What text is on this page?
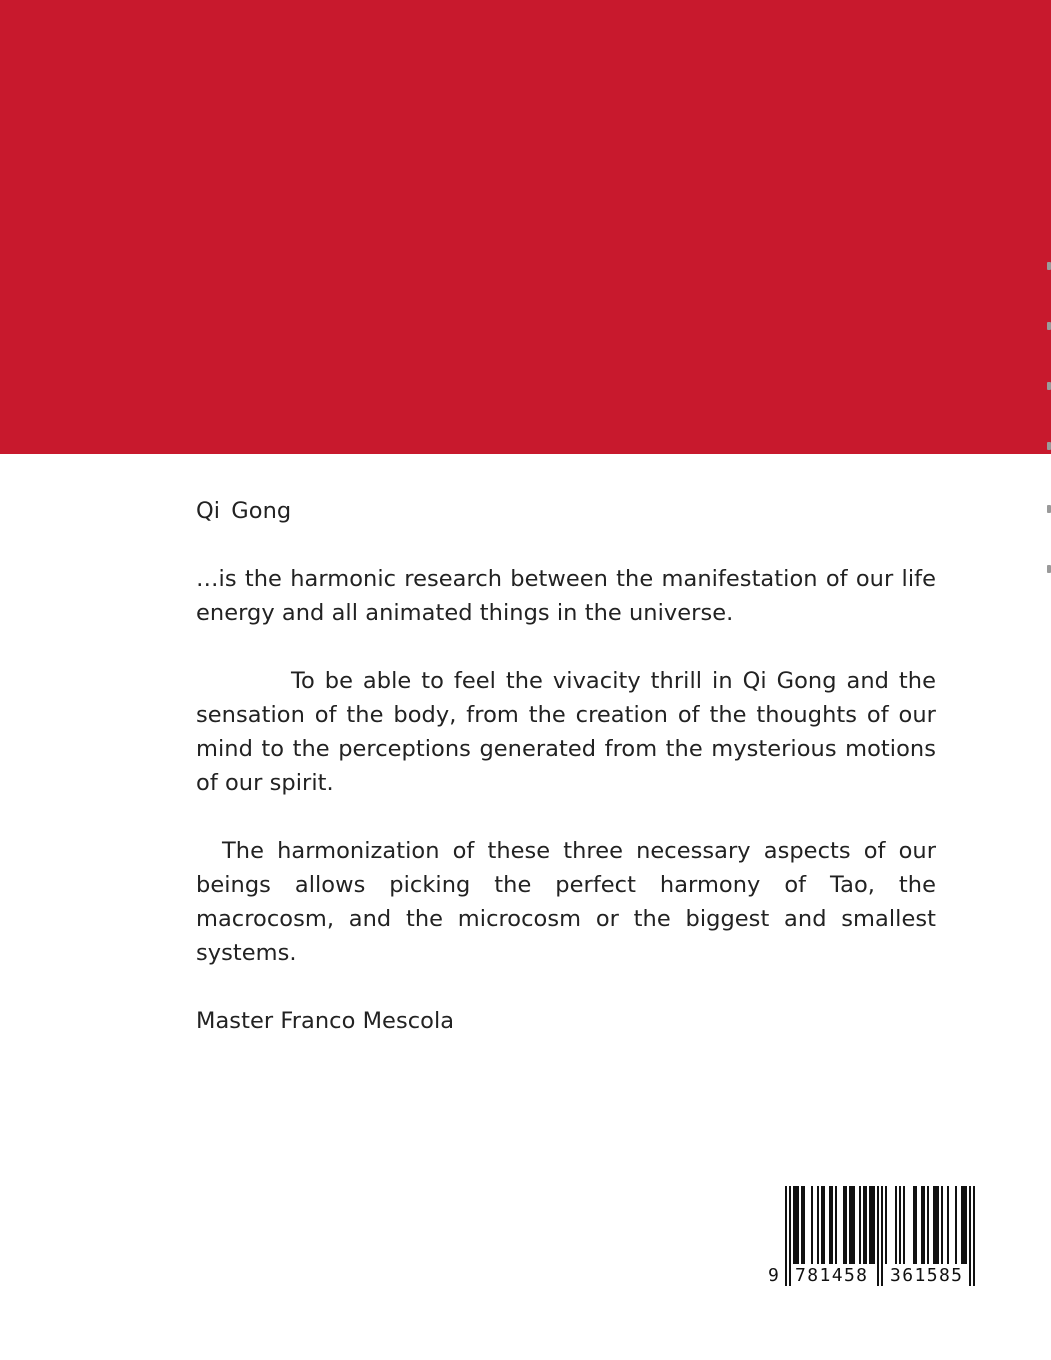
Qi Gong

…is the harmonic research between the manifestation of our life energy and all animated things in the universe.

To be able to feel the vivacity thrill in Qi Gong and the sensation of the body, from the creation of the thoughts of our mind to the perceptions generated from the mysterious motions of our spirit.

The harmonization of these three necessary aspects of our beings allows picking the perfect harmony of Tao, the macrocosm, and the microcosm or the biggest and smallest systems.

Master Franco Mescola

9 781458 361585
